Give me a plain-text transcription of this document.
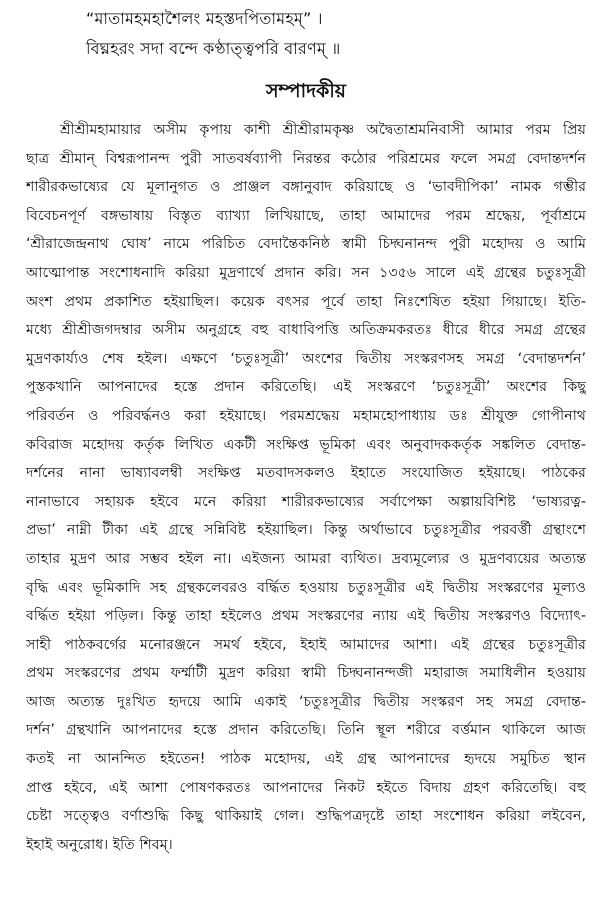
“মাতামহমহাশৈলং মহস্তদপিতামহম্” ।

বিঘ্নহরং সদা বন্দে কণ্ঠাত্ত্বপরি বারণম্ ॥

সম্পাদকীয়
শ্রীশ্রীমহামায়ার অসীম কৃপায় কাশী শ্রীশ্রীরামকৃষ্ণ অদ্বৈতাশ্রমনিবাসী আমার পরম প্রিয়
ছাত্র শ্রীমান্ বিশ্বরূপানন্দ পুরী সাতবর্ষব্যাপী নিরন্তর কঠোর পরিশ্রমের ফলে সমগ্র বেদান্তদর্শন
শারীরকভাষ্যের যে মূলানুগত ও প্রাঞ্জল বঙ্গানুবাদ করিয়াছে ও ‘ভাবদীপিকা’ নামক গম্ভীর
বিবেচনপূর্ণ বঙ্গভাষায় বিস্তৃত ব্যাখ্যা লিখিয়াছে, তাহা আমাদের পরম শ্রদ্ধেয়, পূর্বাশ্রমে
‘শ্রীরাজেন্দ্রনাথ ঘোষ’ নামে পরিচিত বেদান্তৈকনিষ্ঠ স্বামী চিদ্ঘনানন্দ পুরী মহোদয় ও আমি
আত্মোপান্ত সংশোধনাদি করিয়া মুদ্রণার্থে প্রদান করি। সন ১৩৫৬ সালে এই গ্রন্থের চতুঃসূত্রী
অংশ প্রথম প্রকাশিত হইয়াছিল। কয়েক বৎসর পূর্বে তাহা নিঃশেষিত হইয়া গিয়াছে। ইতি-
মধ্যে শ্রীশ্রীজগদম্বার অসীম অনুগ্রহে বহু বাধাবিপত্তি অতিক্রমকরতঃ ধীরে ধীরে সমগ্র গ্রন্থের
মুদ্রণকার্য্যও শেষ হইল। এক্ষণে ‘চতুঃসূত্রী’ অংশের দ্বিতীয় সংস্করণসহ সমগ্র ‘বেদান্তদর্শন’
পুস্তকখানি আপনাদের হস্তে প্রদান করিতেছি। এই সংস্করণে ‘চতুঃসূত্রী’ অংশের কিছু
পরিবর্তন ও পরিবর্দ্ধনও করা হইয়াছে। পরমশ্রদ্ধেয় মহামহোপাধ্যায় ডঃ শ্রীযুক্ত গোপীনাথ
কবিরাজ মহোদয় কর্তৃক লিখিত একটী সংক্ষিপ্ত ভূমিকা এবং অনুবাদককর্তৃক সঙ্কলিত বেদান্ত-
দর্শনের নানা ভাষ্যাবলম্বী সংক্ষিপ্ত মতবাদসকলও ইহাতে সংযোজিত হইয়াছে। পাঠকের
নানাভাবে সহায়ক হইবে মনে করিয়া শারীরকভাষ্যের সর্বাপেক্ষা অল্পায়বিশিষ্ট ‘ভাষ্যরত্ন-
প্রভা’ নাম্নী টীকা এই গ্রন্থে সন্নিবিষ্ট হইয়াছিল। কিন্তু অর্থাভাবে চতুঃসূত্রীর পরবর্ত্তী গ্রন্থাংশে
তাহার মুদ্রণ আর সম্ভব হইল না। এইজন্য আমরা ব্যথিত। দ্রব্যমূল্যের ও মুদ্রণব্যয়ের অত্যন্ত
বৃদ্ধি এবং ভূমিকাদি সহ গ্রন্থকলেবরও বর্দ্ধিত হওয়ায় চতুঃসূত্রীর এই দ্বিতীয় সংস্করণের মূল্যও
বর্দ্ধিত হইয়া পড়িল। কিন্তু তাহা হইলেও প্রথম সংস্করণের ন্যায় এই দ্বিতীয় সংস্করণও বিদ্যোৎ-
সাহী পাঠকবর্গের মনোরঞ্জনে সমর্থ হইবে, ইহাই আমাদের আশা। এই গ্রন্থের চতুঃসূত্রীর
প্রথম সংস্করণের প্রথম ফর্ম্মাটী মুদ্রণ করিয়া স্বামী চিদ্ঘনানন্দজী মহারাজ সমাধিলীন হওয়ায়
আজ অত্যন্ত দুঃখিত হৃদয়ে আমি একাই ‘চতুঃসূত্রীর দ্বিতীয় সংস্করণ সহ সমগ্র বেদান্ত-
দর্শন’ গ্রন্থখানি আপনাদের হস্তে প্রদান করিতেছি। তিনি স্থূল শরীরে বর্ত্তমান থাকিলে আজ
কতই না আনন্দিত হইতেন! পাঠক মহোদয়, এই গ্রন্থ আপনাদের হৃদয়ে সমুচিত স্থান
প্রাপ্ত হইবে, এই আশা পোষণকরতঃ আপনাদের নিকট হইতে বিদায় গ্রহণ করিতেছি। বহু
চেষ্টা সত্ত্বেও বর্ণাশুদ্ধি কিছু থাকিয়াই গেল। শুদ্ধিপত্রদৃষ্টে তাহা সংশোধন করিয়া লইবেন,
ইহাই অনুরোধ। ইতি শিবম্।
